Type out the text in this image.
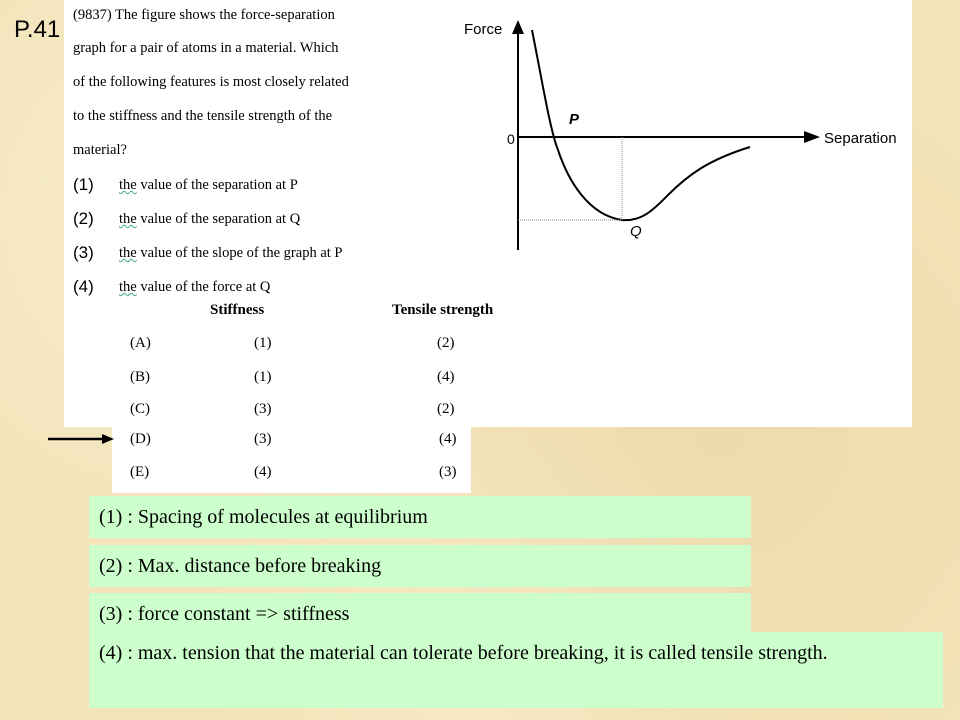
P.41
(9837) The figure shows the force-separation
graph for a pair of atoms in a material. Which
of the following features is most closely related
to the stiffness and the tensile strength of the
material?
(1) the value of the separation at P
(2) the value of the separation at Q
(3) the value of the slope of the graph at P
(4) the value of the force at Q
Stiffness	Tensile strength
(A)	(1)	(2)
(B)	(1)	(4)
(C)	(3)	(2)
(D)	(3)	(4)
(E)	(4)	(3)
Force
Separation
0
P
Q
(1) : Spacing of molecules at equilibrium
(2) : Max. distance before breaking
(3) : force constant => stiffness
(4) : max. tension that the material can tolerate before breaking, it is called tensile strength.
